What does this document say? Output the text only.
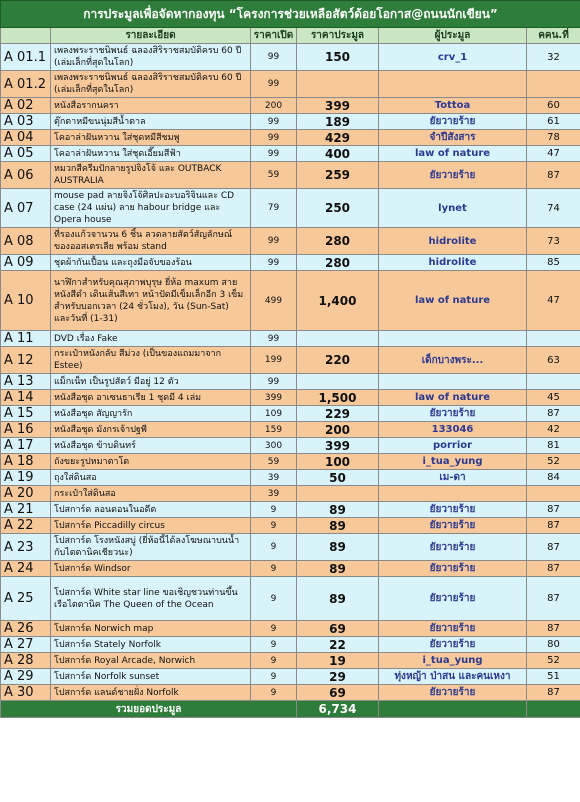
การประมูลเพื่อจัดหากองทุน “โครงการช่วยเหลือสัตว์ด้อยโอกาส@ถนนนักเขียน”					
	รายละเอียด	ราคาเปิด	ราคาประมูล	ผู้ประมูล	คคน.ที่
A 01.1	เพลงพระราชนิพนธ์ ฉลองสิริราชสมบัติครบ 60 ปี (เล่มเล็กที่สุดในโลก)	99	150	crv_1	32
A 01.2	เพลงพระราชนิพนธ์ ฉลองสิริราชสมบัติครบ 60 ปี (เล่มเล็กที่สุดในโลก)	99			
A 02	หนังสือรากนครา	200	399	Tottoa	60
A 03	ตุ๊กตาหมีขนนุ่มสีน้ำตาล	99	189	ยัยวายร้าย	61
A 04	โคอาล่าฝันหวาน ใส่ชุดหมีสีชมพู	99	429	จำปีสังสาร	78
A 05	โคอาล่าฝันหวาน ใส่ชุดเอี๊ยมสีฟ้า	99	400	law of nature	47
A 06	หมวกสีครีมปักลายรูปจิงโจ้ และ OUTBACK AUSTRALIA	59	259	ยัยวายร้าย	87
A 07	mouse pad ลายจิงโจ้ศิลปะอะบอริจินและ CD case (24 แผ่น) ลาย habour bridge และ Opera house	79	250	lynet	74
A 08	ที่รองแก้วจานวน 6 ชิ้น ลวดลายสัตว์สัญลักษณ์ของออสเตรเลีย พร้อม stand	99	280	hidrolite	73
A 09	ชุดผ้ากันเปื้อน และถุงมือจับของร้อน	99	280	hidrolite	85
A 10	นาฬิกาสำหรับคุณสุภาพบุรุษ ยี่ห้อ maxum สายหนังสีดำ เดินเส้นสีเทา หน้าปัดมีเข็มเล็กอีก 3 เข็มสำหรับบอกเวลา (24 ชั่วโมง), วัน (Sun-Sat) และวันที่ (1-31)	499	1,400	law of nature	47
A 11	DVD เรื่อง Fake	99			
A 12	กระเป๋าหนังกลับ สีม่วง (เป็นของแถมมาจาก Estee)	199	220	เด็กบางพระ...	63
A 13	แม็กเน็ท เป็นรูปสัตว์ มีอยู่ 12 ตัว	99			
A 14	หนังสือชุด อาเซนธาเรีย 1 ชุดมี 4 เล่ม	399	1,500	law of nature	45
A 15	หนังสือชุด สัญญารัก	109	229	ยัยวายร้าย	87
A 16	หนังสือชุด มังกรเจ้าปฐพี	159	200	133046	42
A 17	หนังสือชุด ข้าบดินทร์	300	399	porrior	81
A 18	ถังขยะรูปหมาตาโต	59	100	i_tua_yung	52
A 19	ถุงใส่ดินสอ	39	50	เม-ดา	84
A 20	กระเป๋าใส่ดินสอ	39			
A 21	โปสการ์ด ลอนดอนในอดีต	9	89	ยัยวายร้าย	87
A 22	โปสการ์ด Piccadilly circus	9	89	ยัยวายร้าย	87
A 23	โปสการ์ด โรงหนังสบู่ (ยี่ห้อนี้ได้ลงโฆษณาบนน้ำกับไตตานิคเชียวนะ)	9	89	ยัยวายร้าย	87
A 24	โปสการ์ด Windsor	9	89	ยัยวายร้าย	87
A 25	โปสการ์ด White star line ขอเชิญชวนท่านขึ้นเรือไตตานิค The Queen of the Ocean	9	89	ยัยวายร้าย	87
A 26	โปสการ์ด Norwich map	9	69	ยัยวายร้าย	87
A 27	โปสการ์ด Stately Norfolk	9	22	ยัยวายร้าย	80
A 28	โปสการ์ด Royal Arcade, Norwich	9	19	i_tua_yung	52
A 29	โปสการ์ด Norfolk sunset	9	29	ทุ่งหญ้า ป่าสน และคนเหงา	51
A 30	โปสการ์ด แลนด์ชายฝั่ง Norfolk	9	69	ยัยวายร้าย	87
รวมยอดประมูล			6,734		
